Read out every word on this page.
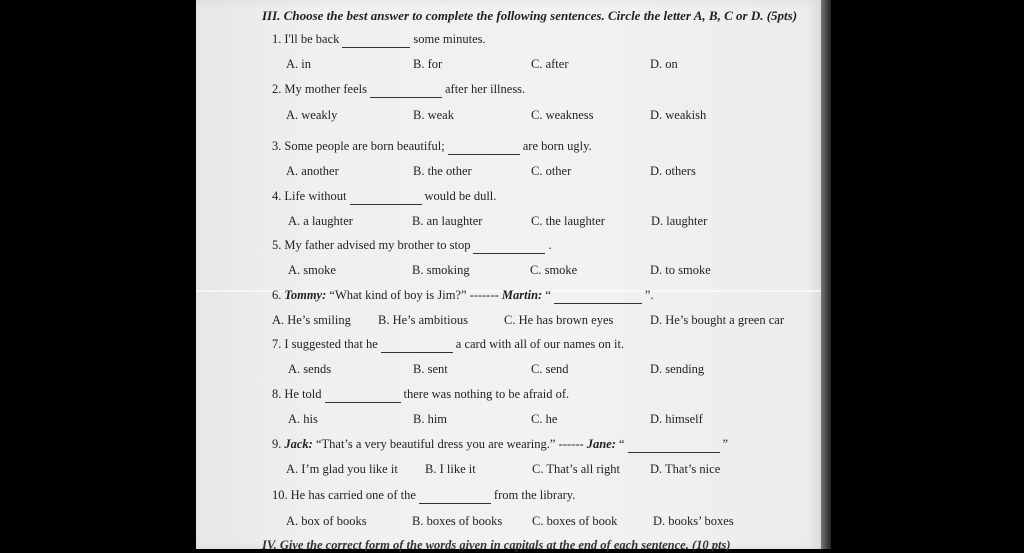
III. Choose the best answer to complete the following sentences. Circle the letter A, B, C or D. (5pts)
1. I'll be back	some minutes.
A. in	B. for	C. after	D. on
2. My mother feels	after her illness.
A. weakly	B. weak	C. weakness	D. weakish
3. Some people are born beautiful;	are born ugly.
A. another	B. the other	C. other	D. others
4. Life without	would be dull.
A. a laughter	B. an laughter	C. the laughter	D. laughter
5. My father advised my brother to stop	.
A. smoke	B. smoking	C. smoke	D. to smoke
6. Tommy: “What kind of boy is Jim?” ------- Martin: “	”.
A. He’s smiling B. He’s ambitious	C. He has brown eyes	D. He’s bought a green car
7. I suggested that he	a card with all of our names on it.
A. sends	B. sent	C. send	D. sending
8. He told	there was nothing to be afraid of.
A. his	B. him	C. he	D. himself
9. Jack: “That’s a very beautiful dress you are wearing.” ------ Jane: “	”
A. I’m glad you like it B. I like it	C. That’s all right D. That’s nice
10. He has carried one of the	from the library.
A. box of books	B. boxes of books C. boxes of book	D. books’ boxes
IV. Give the correct form of the words given in capitals at the end of each sentence. (10 pts)
